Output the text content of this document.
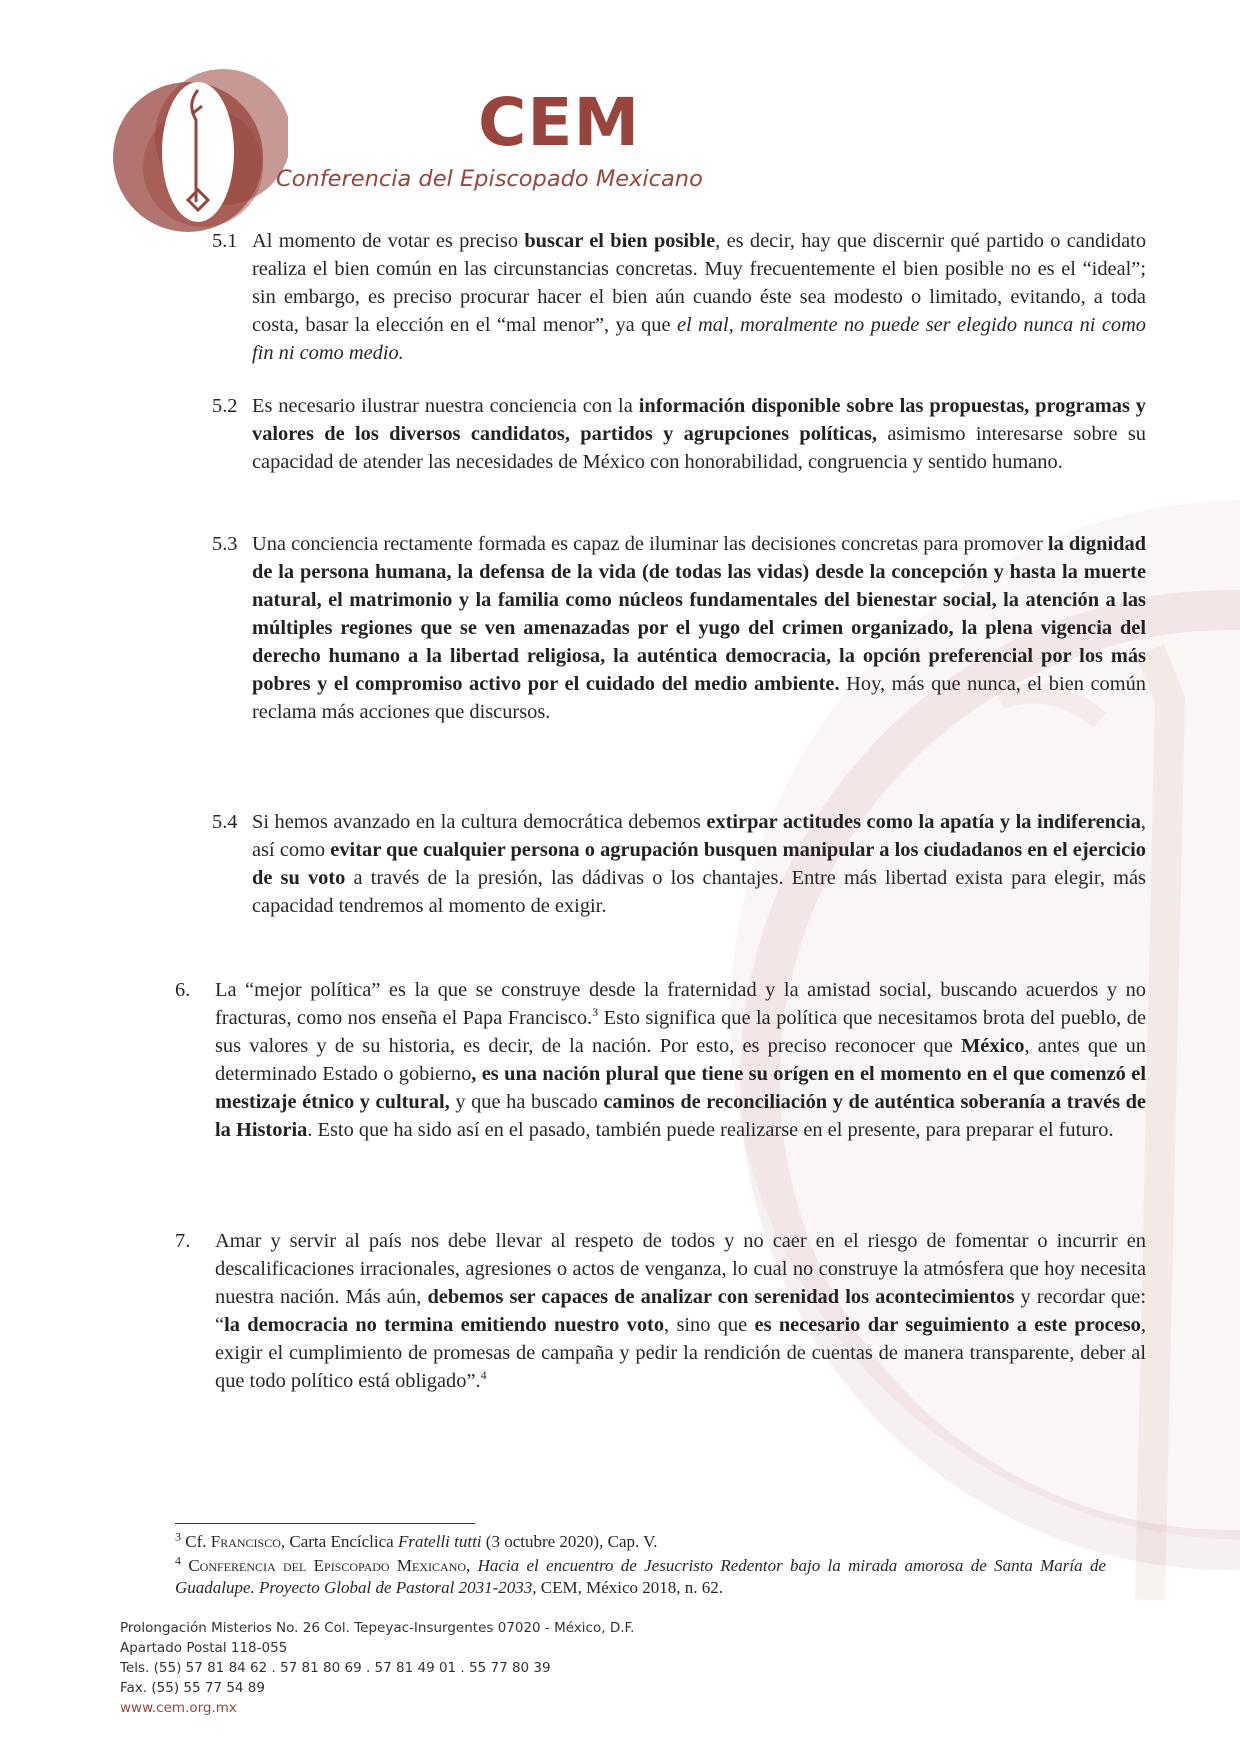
CEM
Conferencia del Episcopado Mexicano

5.1 Al momento de votar es preciso buscar el bien posible, es decir, hay que discernir qué partido o candidato realiza el bien común en las circunstancias concretas. Muy frecuentemente el bien posible no es el “ideal”; sin embargo, es preciso procurar hacer el bien aún cuando éste sea modesto o limitado, evitando, a toda costa, basar la elección en el “mal menor”, ya que el mal, moralmente no puede ser elegido nunca ni como fin ni como medio.

5.2 Es necesario ilustrar nuestra conciencia con la información disponible sobre las propuestas, programas y valores de los diversos candidatos, partidos y agrupciones políticas, asimismo interesarse sobre su capacidad de atender las necesidades de México con honorabilidad, congruencia y sentido humano.

5.3 Una conciencia rectamente formada es capaz de iluminar las decisiones concretas para promover la dignidad de la persona humana, la defensa de la vida (de todas las vidas) desde la concepción y hasta la muerte natural, el matrimonio y la familia como núcleos fundamentales del bienestar social, la atención a las múltiples regiones que se ven amenazadas por el yugo del crimen organizado, la plena vigencia del derecho humano a la libertad religiosa, la auténtica democracia, la opción preferencial por los más pobres y el compromiso activo por el cuidado del medio ambiente. Hoy, más que nunca, el bien común reclama más acciones que discursos.

5.4 Si hemos avanzado en la cultura democrática debemos extirpar actitudes como la apatía y la indiferencia, así como evitar que cualquier persona o agrupación busquen manipular a los ciudadanos en el ejercicio de su voto a través de la presión, las dádivas o los chantajes. Entre más libertad exista para elegir, más capacidad tendremos al momento de exigir.

6. La “mejor política” es la que se construye desde la fraternidad y la amistad social, buscando acuerdos y no fracturas, como nos enseña el Papa Francisco.$^3$ Esto significa que la política que necesitamos brota del pueblo, de sus valores y de su historia, es decir, de la nación. Por esto, es preciso reconocer que México, antes que un determinado Estado o gobierno, es una nación plural que tiene su orígen en el momento en el que comenzó el mestizaje étnico y cultural, y que ha buscado caminos de reconciliación y de auténtica soberanía a través de la Historia. Esto que ha sido así en el pasado, también puede realizarse en el presente, para preparar el futuro.

7. Amar y servir al país nos debe llevar al respeto de todos y no caer en el riesgo de fomentar o incurrir en descalificaciones irracionales, agresiones o actos de venganza, lo cual no construye la atmósfera que hoy necesita nuestra nación. Más aún, debemos ser capaces de analizar con serenidad los acontecimientos y recordar que: “la democracia no termina emitiendo nuestro voto, sino que es necesario dar seguimiento a este proceso, exigir el cumplimiento de promesas de campaña y pedir la rendición de cuentas de manera transparente, deber al que todo político está obligado”.$^4$

$^3$ Cf. Francisco, Carta Encíclica Fratelli tutti (3 octubre 2020), Cap. V.

$^4$ Conferencia del Episcopado Mexicano, Hacia el encuentro de Jesucristo Redentor bajo la mirada amorosa de Santa María de Guadalupe. Proyecto Global de Pastoral 2031-2033, CEM, México 2018, n. 62.

Prolongación Misterios No. 26 Col. Tepeyac-Insurgentes 07020 - México, D.F.
Apartado Postal 118-055
Tels. (55) 57 81 84 62 . 57 81 80 69 . 57 81 49 01 . 55 77 80 39
Fax. (55) 55 77 54 89
www.cem.org.mx
